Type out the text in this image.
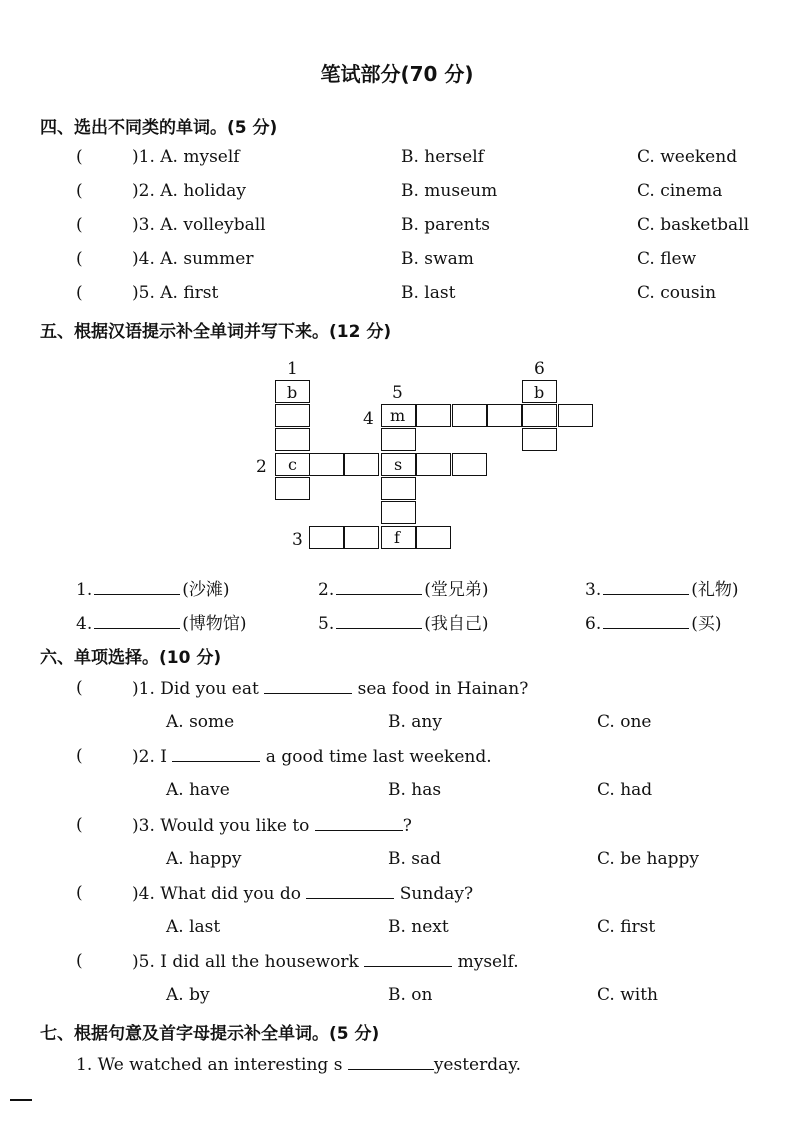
笔试部分(70 分)
四、选出不同类的单词。(5 分)
(	)1. A. myself	B. herself	C. weekend
(	)2. A. holiday	B. museum	C. cinema
(	)3. A. volleyball	B. parents	C. basketball
(	)4. A. summer	B. swam	C. flew
(	)5. A. first	B. last	C. cousin
五、根据汉语提示补全单词并写下来。(12 分)
1
5
6
4
2
3
b	b
m
c	s
f
1.	(沙滩)	2.	(堂兄弟)	3.	(礼物)
4.	(博物馆)	5.	(我自己)	6.	(买)
六、单项选择。(10 分)
(	)1. Did you eat	sea food in Hainan?
A. some	B. any	C. one
(	)2. I	a good time last weekend.
A. have	B. has	C. had
(	)3. Would you like to	?
A. happy	B. sad	C. be happy
(	)4. What did you do	Sunday?
A. last	B. next	C. first
(	)5. I did all the housework	myself.
A. by	B. on	C. with
七、根据句意及首字母提示补全单词。(5 分)
1. We watched an interesting s	yesterday.
